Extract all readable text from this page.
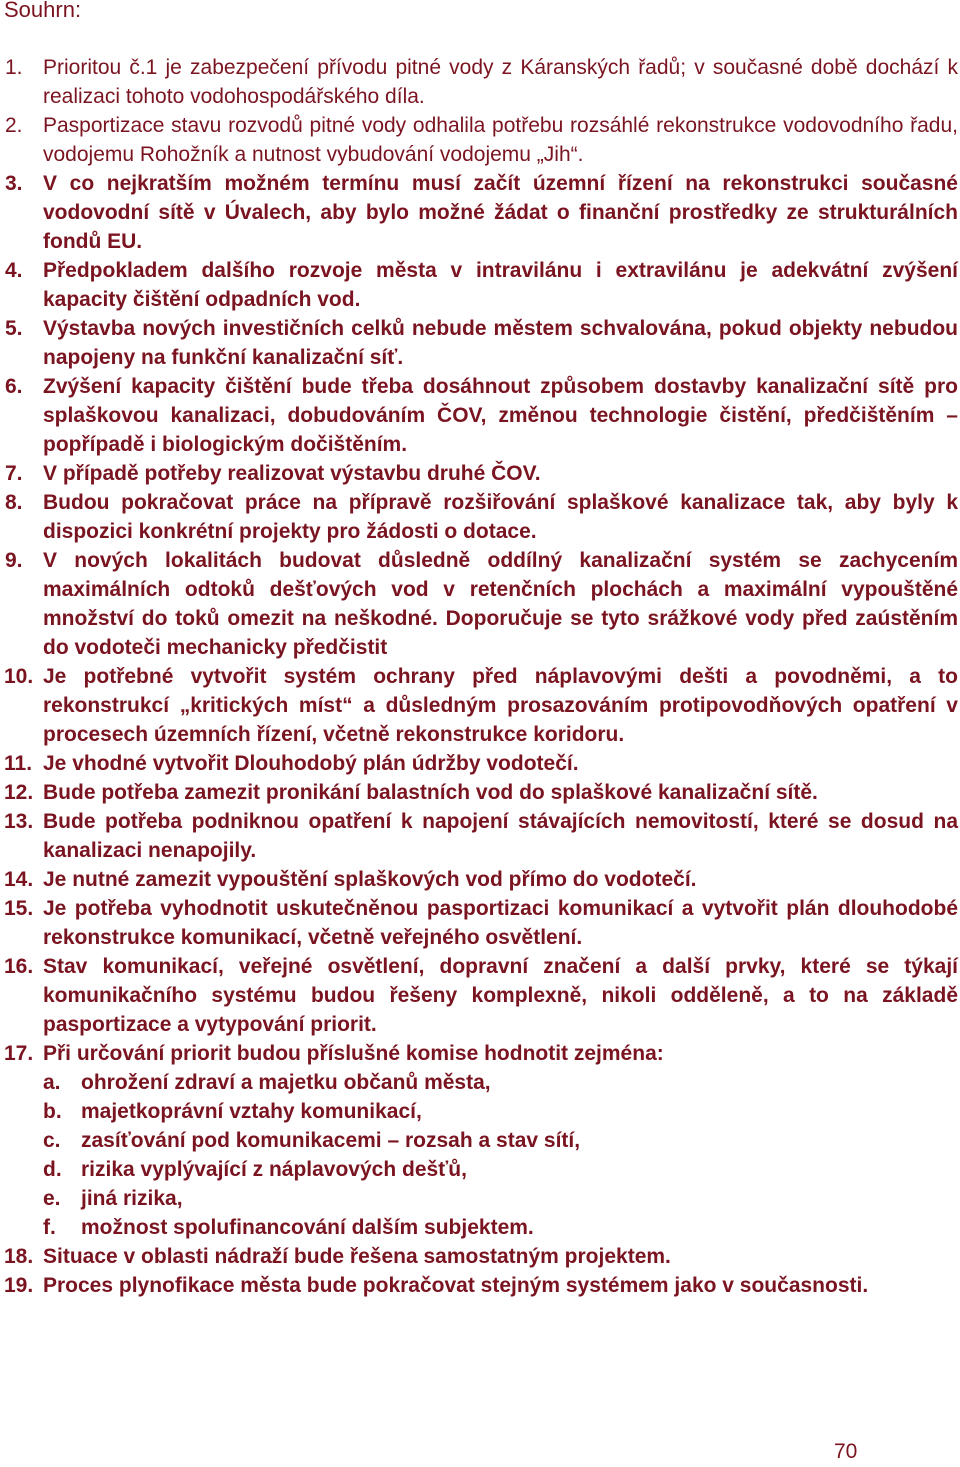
Souhrn:
1. Prioritou č.1 je zabezpečení přívodu pitné vody z Káranských řadů; v současné době dochází k realizaci tohoto vodohospodářského díla.
2. Pasportizace stavu rozvodů pitné vody odhalila potřebu rozsáhlé rekonstrukce vodovodního řadu, vodojemu Rohožník a nutnost vybudování vodojemu „Jih“.
3. V co nejkratším možném termínu musí začít územní řízení na rekonstrukci současné vodovodní sítě v Úvalech, aby bylo možné žádat o finanční prostředky ze strukturálních fondů EU.
4. Předpokladem dalšího rozvoje města v intravilánu i extravilánu je adekvátní zvýšení kapacity čištění odpadních vod.
5. Výstavba nových investičních celků nebude městem schvalována, pokud objekty nebudou napojeny na funkční kanalizační síť.
6. Zvýšení kapacity čištění bude třeba dosáhnout způsobem dostavby kanalizační sítě pro splaškovou kanalizaci, dobudováním ČOV, změnou technologie čistění, předčištěním – popřípadě i biologickým dočištěním.
7. V případě potřeby realizovat výstavbu druhé ČOV.
8. Budou pokračovat práce na přípravě rozšiřování splaškové kanalizace tak, aby byly k dispozici konkrétní projekty pro žádosti o dotace.
9. V nových lokalitách budovat důsledně oddílný kanalizační systém se zachycením maximálních odtoků dešťových vod v retenčních plochách a maximální vypouštěné množství do toků omezit na neškodné. Doporučuje se tyto srážkové vody před zaústěním do vodoteči mechanicky předčistit
10. Je potřebné vytvořit systém ochrany před náplavovými dešti a povodněmi, a to rekonstrukcí „kritických míst“ a důsledným prosazováním protipovodňových opatření v procesech územních řízení, včetně rekonstrukce koridoru.
11. Je vhodné vytvořit Dlouhodobý plán údržby vodotečí.
12. Bude potřeba zamezit pronikání balastních vod do splaškové kanalizační sítě.
13. Bude potřeba podniknou opatření k napojení stávajících nemovitostí, které se dosud na kanalizaci nenapojily.
14. Je nutné zamezit vypouštění splaškových vod přímo do vodotečí.
15. Je potřeba vyhodnotit uskutečněnou pasportizaci komunikací a vytvořit plán dlouhodobé rekonstrukce komunikací, včetně veřejného osvětlení.
16. Stav komunikací, veřejné osvětlení, dopravní značení a další prvky, které se týkají komunikačního systému budou řešeny komplexně, nikoli odděleně, a to na základě pasportizace a vytypování priorit.
17. Při určování priorit budou příslušné komise hodnotit zejména:
a. ohrožení zdraví a majetku občanů města,
b. majetkoprávní vztahy komunikací,
c. zasíťování pod komunikacemi – rozsah a stav sítí,
d. rizika vyplývající z náplavových dešťů,
e. jiná rizika,
f. možnost spolufinancování dalším subjektem.
18. Situace v oblasti nádraží bude řešena samostatným projektem.
19. Proces plynofikace města bude pokračovat stejným systémem jako v současnosti.
70
